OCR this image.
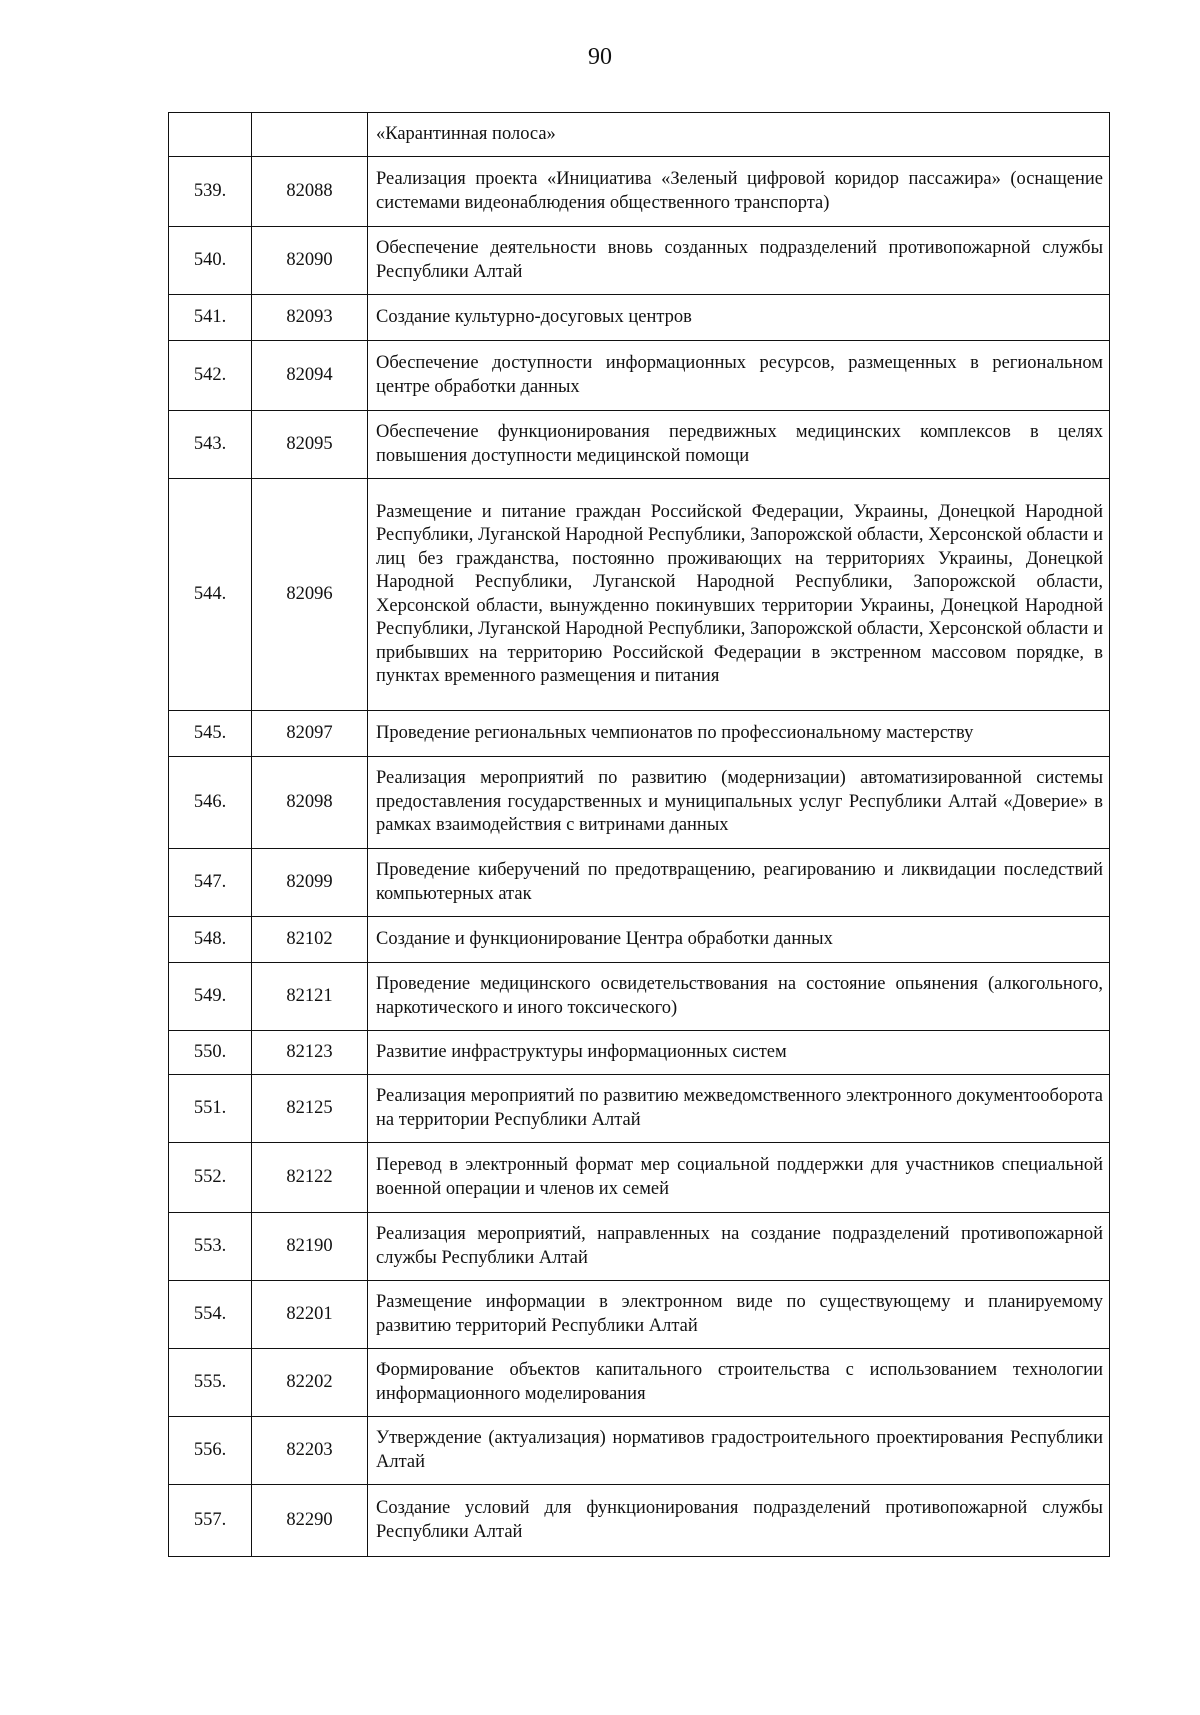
90
		«Карантинная полоса»
539.	82088	Реализация проекта «Инициатива «Зеленый цифровой коридор пассажира» (оснащение системами видеонаблюдения общественного транспорта)
540.	82090	Обеспечение деятельности вновь созданных подразделений противопожарной службы Республики Алтай
541.	82093	Создание культурно-досуговых центров
542.	82094	Обеспечение доступности информационных ресурсов, размещенных в региональном центре обработки данных
543.	82095	Обеспечение функционирования передвижных медицинских комплексов в целях повышения доступности медицинской помощи
544.	82096	Размещение и питание граждан Российской Федерации, Украины, Донецкой Народной Республики, Луганской Народной Республики, Запорожской области, Херсонской области и лиц без гражданства, постоянно проживающих на территориях Украины, Донецкой Народной Республики, Луганской Народной Республики, Запорожской области, Херсонской области, вынужденно покинувших территории Украины, Донецкой Народной Республики, Луганской Народной Республики, Запорожской области, Херсонской области и прибывших на территорию Российской Федерации в экстренном массовом порядке, в пунктах временного размещения и питания
545.	82097	Проведение региональных чемпионатов по профессиональному мастерству
546.	82098	Реализация мероприятий по развитию (модернизации) автоматизированной системы предоставления государственных и муниципальных услуг Республики Алтай «Доверие» в рамках взаимодействия с витринами данных
547.	82099	Проведение киберучений по предотвращению, реагированию и ликвидации последствий компьютерных атак
548.	82102	Создание и функционирование Центра обработки данных
549.	82121	Проведение медицинского освидетельствования на состояние опьянения (алкогольного, наркотического и иного токсического)
550.	82123	Развитие инфраструктуры информационных систем
551.	82125	Реализация мероприятий по развитию межведомственного электронного документооборота на территории Республики Алтай
552.	82122	Перевод в электронный формат мер социальной поддержки для участников специальной военной операции и членов их семей
553.	82190	Реализация мероприятий, направленных на создание подразделений противопожарной службы Республики Алтай
554.	82201	Размещение информации в электронном виде по существующему и планируемому развитию территорий Республики Алтай
555.	82202	Формирование объектов капитального строительства с использованием технологии информационного моделирования
556.	82203	Утверждение (актуализация) нормативов градостроительного проектирования Республики Алтай
557.	82290	Создание условий для функционирования подразделений противопожарной службы Республики Алтай
